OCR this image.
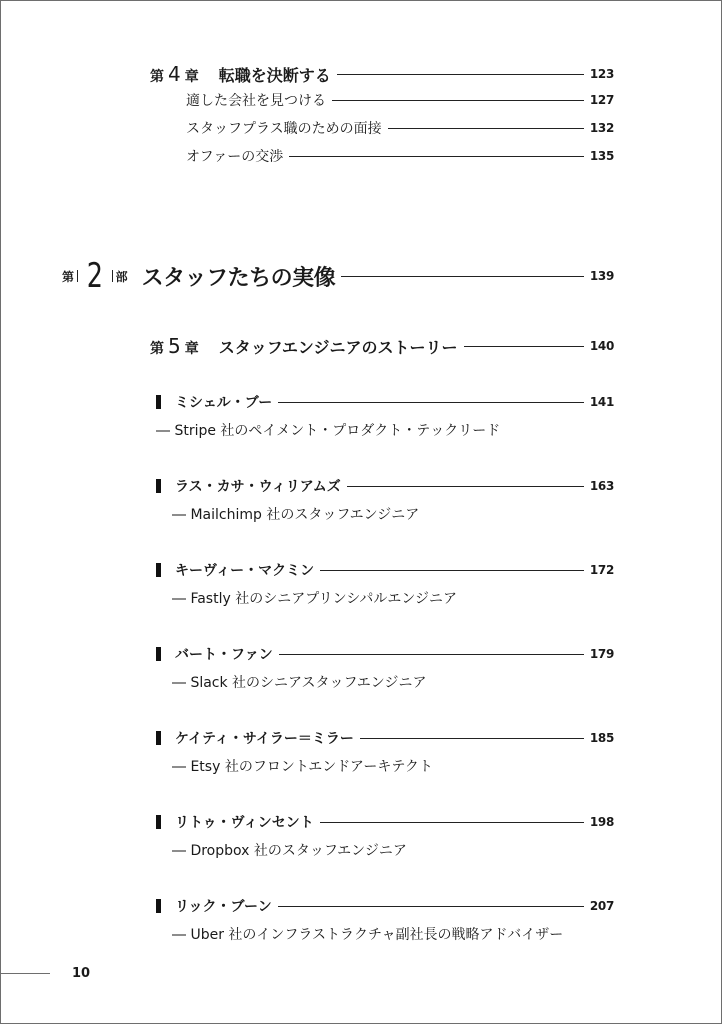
第 4 章 転職を決断する	123
適した会社を見つける	127
スタッフプラス職のための面接	132
オファーの交渉	135
第 2 部 スタッフたちの実像	139
第 5 章 スタッフエンジニアのストーリー	140
ミシェル・ブー	141
― Stripe 社のペイメント・プロダクト・テックリード
ラス・カサ・ウィリアムズ	163
― Mailchimp 社のスタッフエンジニア
キーヴィー・マクミン	172
― Fastly 社のシニアプリンシパルエンジニア
バート・ファン	179
― Slack 社のシニアスタッフエンジニア
ケイティ・サイラー＝ミラー	185
― Etsy 社のフロントエンドアーキテクト
リトゥ・ヴィンセント	198
― Dropbox 社のスタッフエンジニア
リック・ブーン	207
― Uber 社のインフラストラクチャ副社長の戦略アドバイザー
10
